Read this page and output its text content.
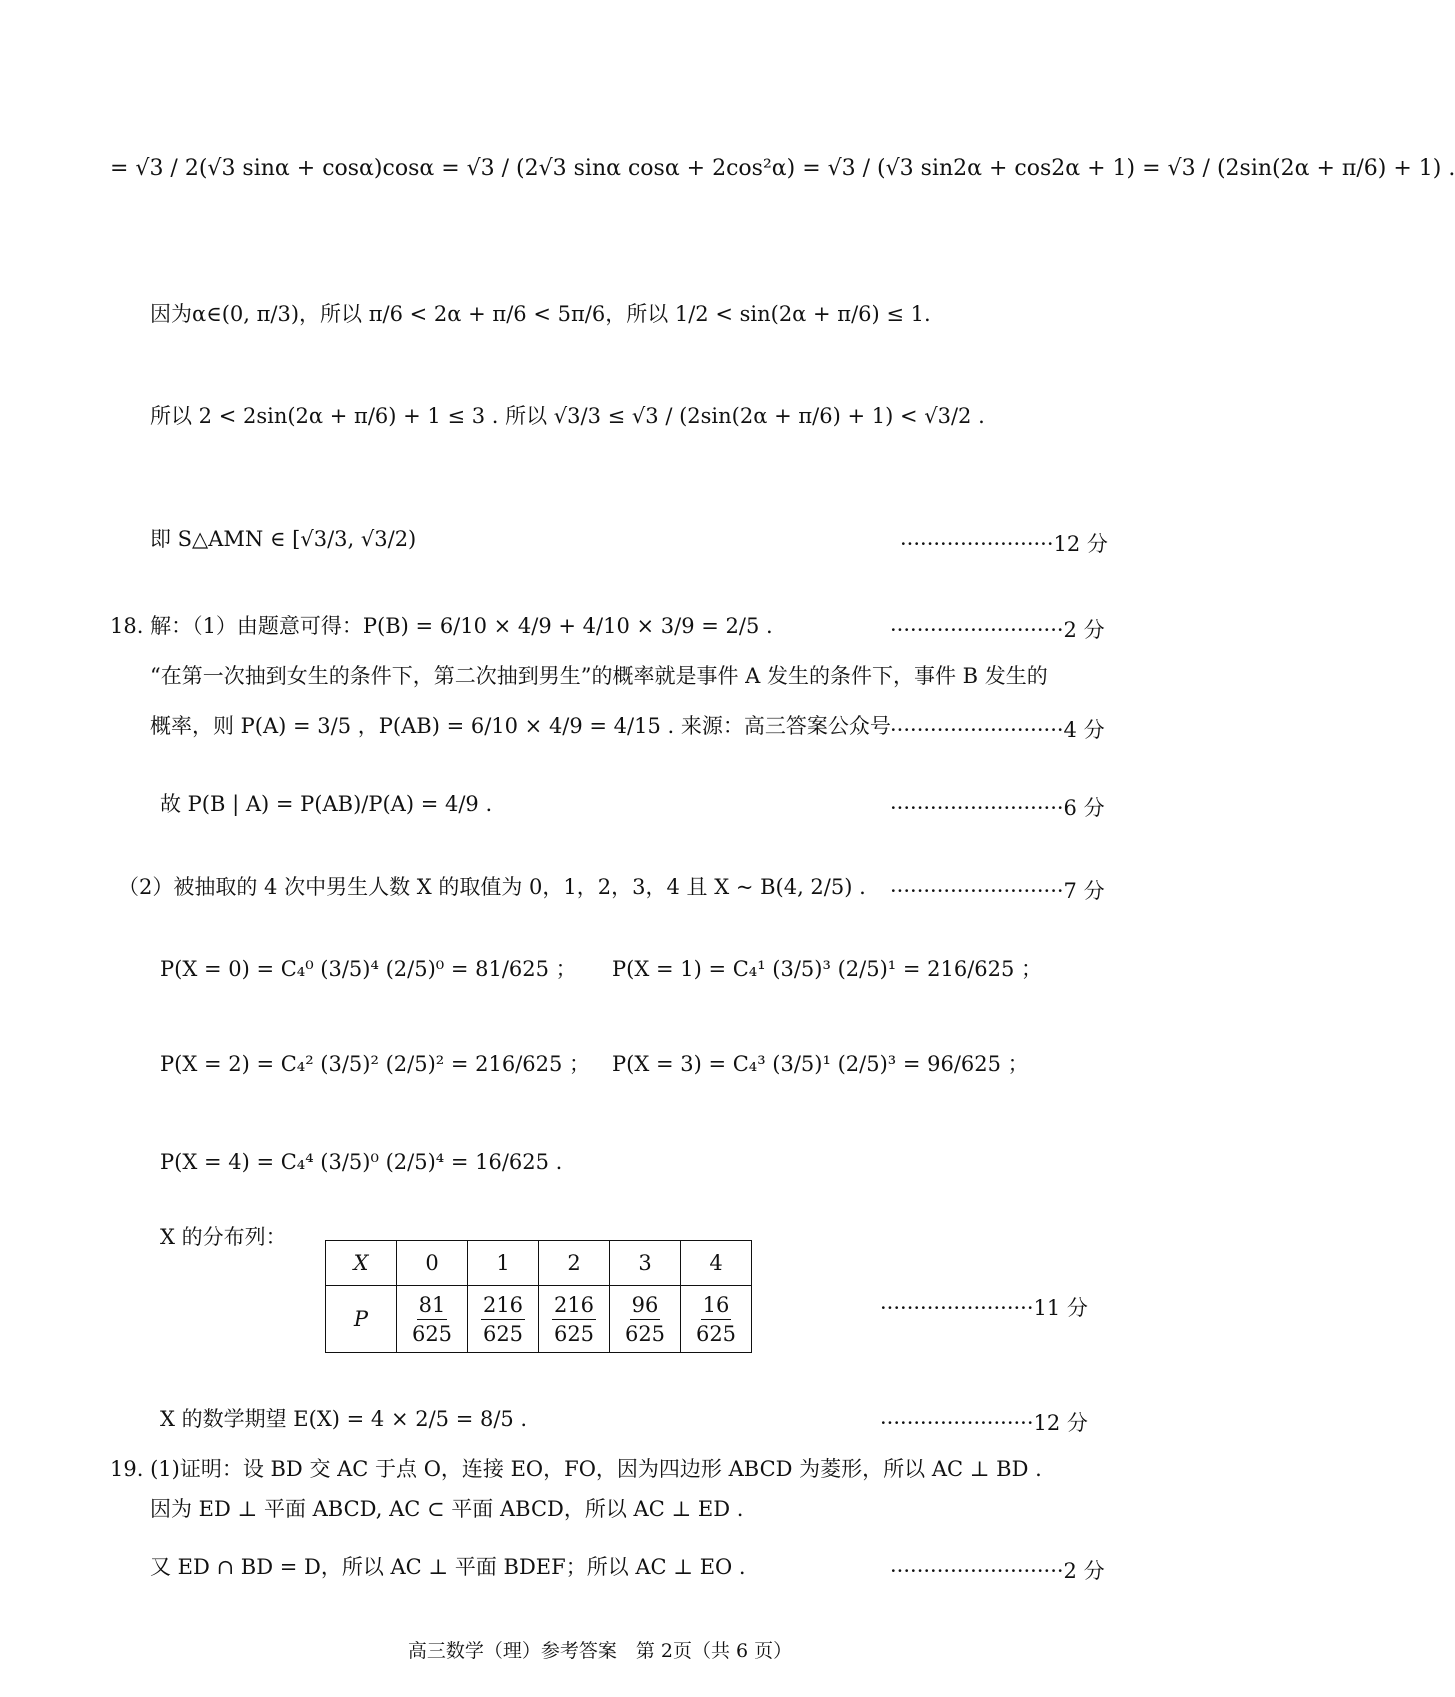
= √3 / 2(√3 sinα + cosα)cosα = √3 / (2√3 sinα cosα + 2cos²α) = √3 / (√3 sin2α + cos2α + 1) = √3 / (2sin(2α + π/6) + 1) .
因为α∈(0, π/3)，所以 π/6 < 2α + π/6 < 5π/6，所以 1/2 < sin(2α + π/6) ≤ 1.
所以 2 < 2sin(2α + π/6) + 1 ≤ 3 . 所以 √3/3 ≤ √3 / (2sin(2α + π/6) + 1) < √3/2 .
即 S△AMN ∈ [√3/3, √3/2)	·······················12 分
18. 解：（1）由题意可得：P(B) = 6/10 × 4/9 + 4/10 × 3/9 = 2/5 .	··························2 分
“在第一次抽到女生的条件下，第二次抽到男生”的概率就是事件 A 发生的条件下，事件 B 发生的
概率，则 P(A) = 3/5 ，P(AB) = 6/10 × 4/9 = 4/15 . 来源：高三答案公众号 ··························4 分
故 P(B | A) = P(AB)/P(A) = 4/9 .	··························6 分
（2）被抽取的 4 次中男生人数 X 的取值为 0，1，2，3，4 且 X ~ B(4, 2/5) . ··························7 分
P(X = 0) = C₄⁰ (3/5)⁴ (2/5)⁰ = 81/625 ； P(X = 1) = C₄¹ (3/5)³ (2/5)¹ = 216/625 ；
P(X = 2) = C₄² (3/5)² (2/5)² = 216/625 ； P(X = 3) = C₄³ (3/5)¹ (2/5)³ = 96/625 ；
P(X = 4) = C₄⁴ (3/5)⁰ (2/5)⁴ = 16/625 .
X 的分布列：
X	0	1	2	3	4
P	$\frac{81}{625}$	$\frac{216}{625}$	$\frac{216}{625}$	$\frac{96}{625}$	$\frac{16}{625}$	·······················11 分
X 的数学期望 E(X) = 4 × 2/5 = 8/5 .	·······················12 分
19. (1)证明：设 BD 交 AC 于点 O，连接 EO，FO，因为四边形 ABCD 为菱形，所以 AC ⊥ BD .
因为 ED ⊥ 平面 ABCD, AC ⊂ 平面 ABCD，所以 AC ⊥ ED .
又 ED ∩ BD = D，所以 AC ⊥ 平面 BDEF；所以 AC ⊥ EO .	··························2 分
高三数学（理）参考答案　第 2页（共 6 页）
